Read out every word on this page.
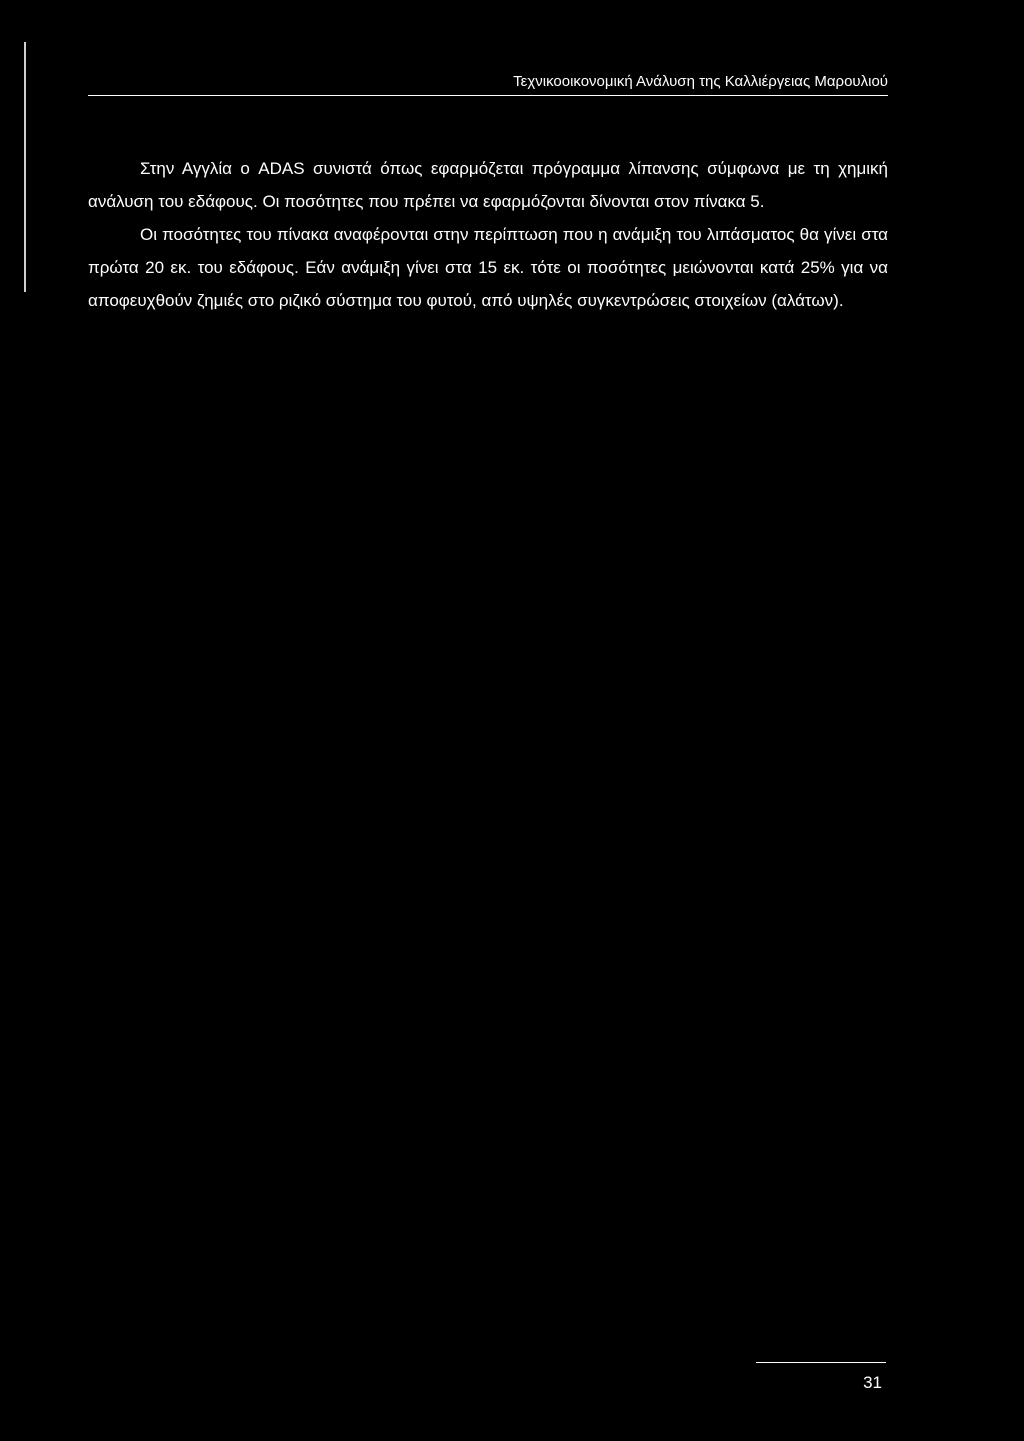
Τεχνικοοικονομική Ανάλυση της Καλλιέργειας Μαρουλιού

Στην Αγγλία ο ADAS συνιστά όπως εφαρμόζεται πρόγραμμα λίπανσης σύμφωνα με τη χημική ανάλυση του εδάφους. Οι ποσότητες που πρέπει να εφαρμόζονται δίνονται στον πίνακα 5.

Οι ποσότητες του πίνακα αναφέρονται στην περίπτωση που η ανάμιξη του λιπάσματος θα γίνει στα πρώτα 20 εκ. του εδάφους. Εάν ανάμιξη γίνει στα 15 εκ. τότε οι ποσότητες μειώνονται κατά 25% για να αποφευχθούν ζημιές στο ριζικό σύστημα του φυτού, από υψηλές συγκεντρώσεις στοιχείων (αλάτων).

31
